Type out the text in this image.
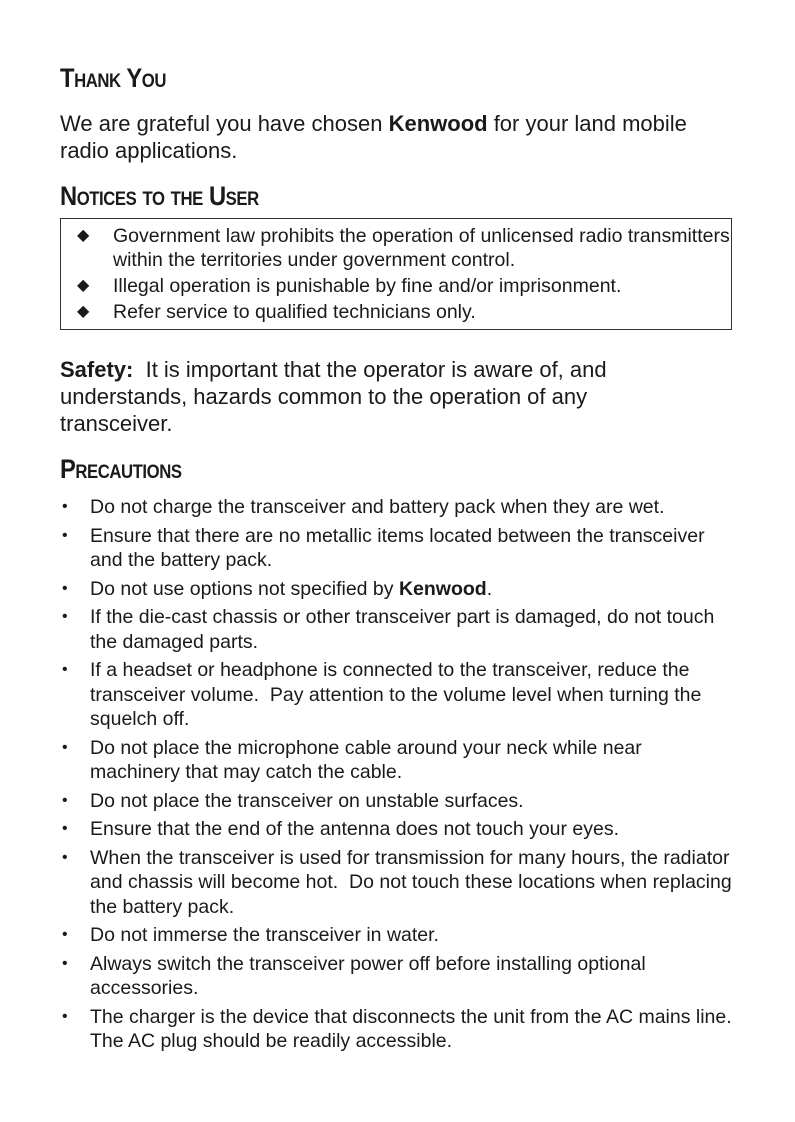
Thank You

We are grateful you have chosen Kenwood for your land mobile radio applications.

Notices to the User
◆ Government law prohibits the operation of unlicensed radio transmitters within the territories under government control.
◆ Illegal operation is punishable by fine and/or imprisonment.
◆ Refer service to qualified technicians only.

Safety:  It is important that the operator is aware of, and understands, hazards common to the operation of any transceiver.

Precautions
• Do not charge the transceiver and battery pack when they are wet.
• Ensure that there are no metallic items located between the transceiver and the battery pack.
• Do not use options not specified by Kenwood.
• If the die-cast chassis or other transceiver part is damaged, do not touch the damaged parts.
• If a headset or headphone is connected to the transceiver, reduce the transceiver volume.  Pay attention to the volume level when turning the squelch off.
• Do not place the microphone cable around your neck while near machinery that may catch the cable.
• Do not place the transceiver on unstable surfaces.
• Ensure that the end of the antenna does not touch your eyes.
• When the transceiver is used for transmission for many hours, the radiator and chassis will become hot.  Do not touch these locations when replacing the battery pack.
• Do not immerse the transceiver in water.
• Always switch the transceiver power off before installing optional accessories.
• The charger is the device that disconnects the unit from the AC mains line. The AC plug should be readily accessible.
